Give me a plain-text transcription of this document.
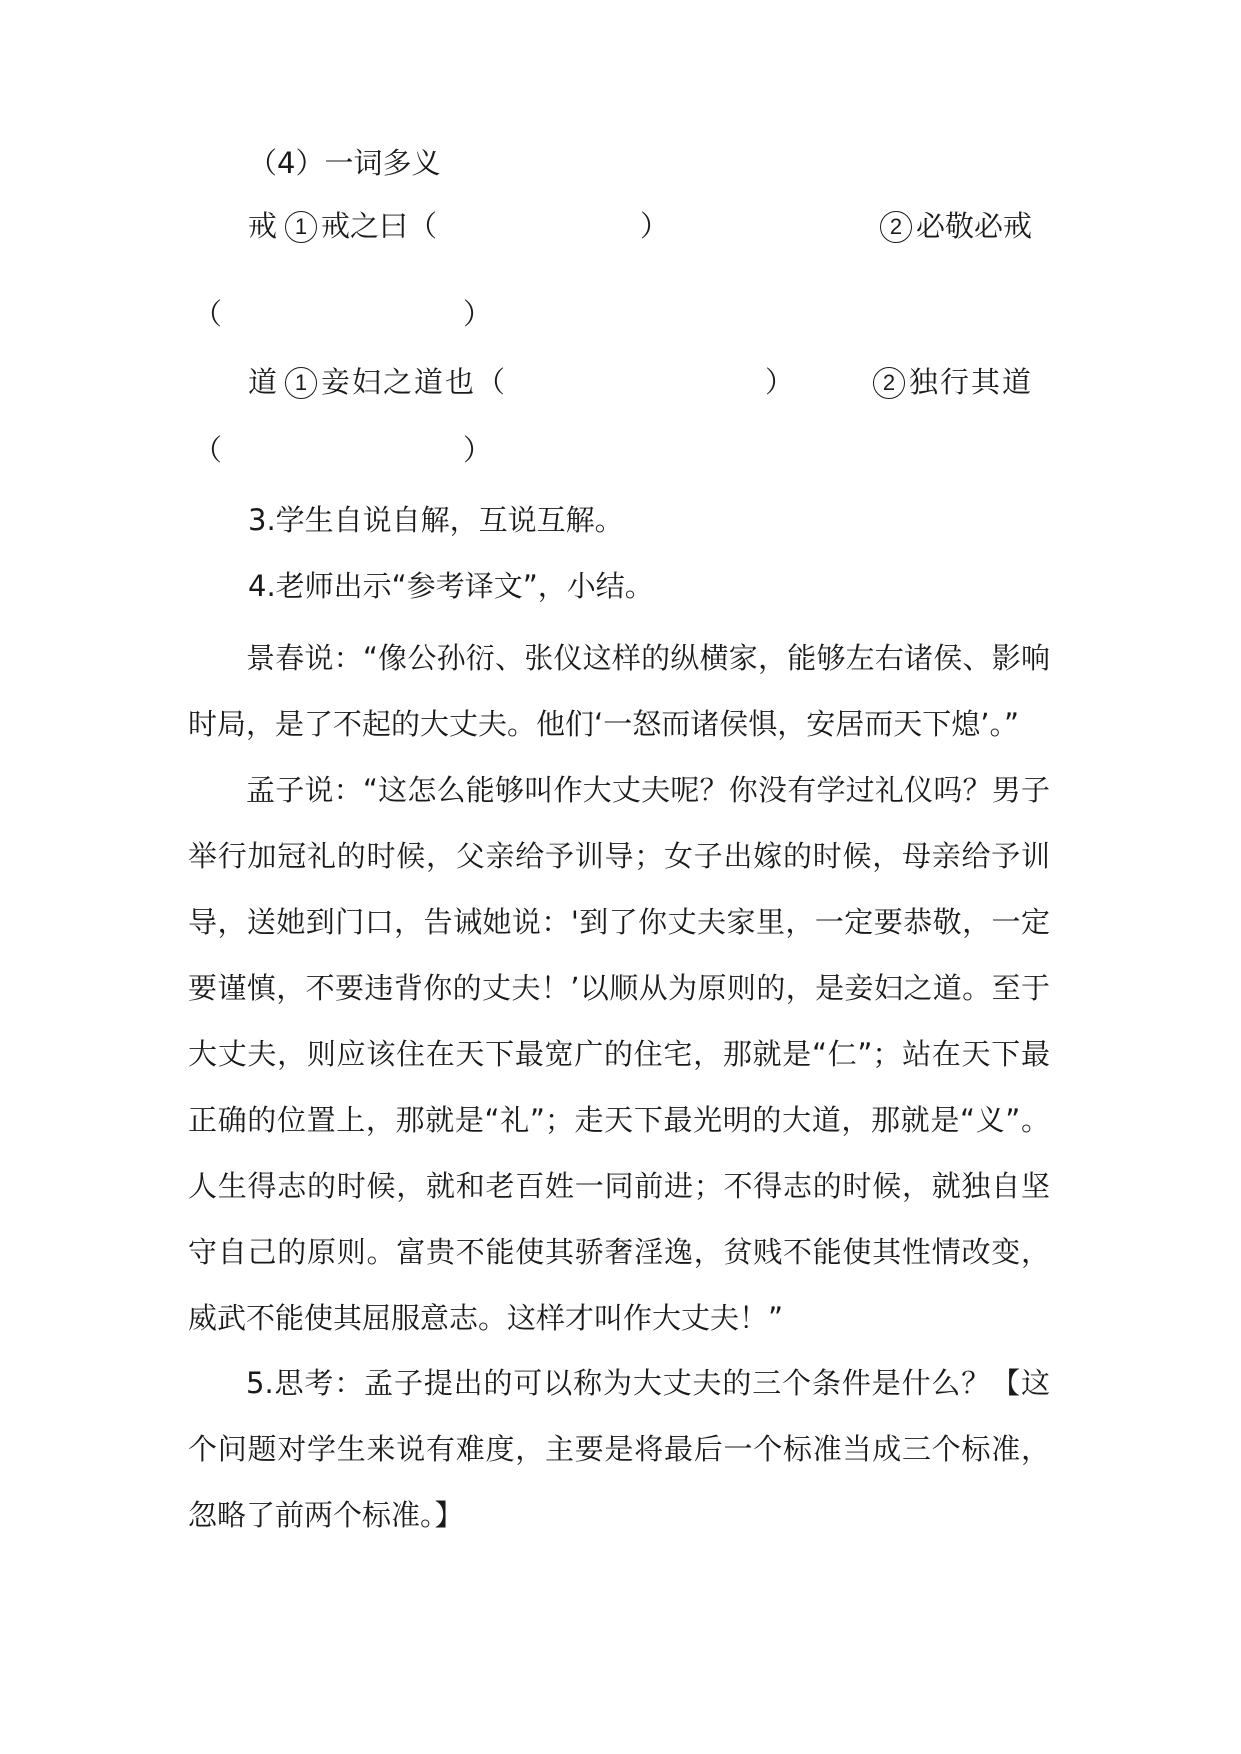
（4）一词多义
戒 1 戒之曰（	）	2 必敬必戒
（	）
道 1 妾妇之道也（	）	2 独行其道
（	）
3.学生自说自解，互说互解。
4.老师出示“参考译文”，小结。

景春说：“像公孙衍、张仪这样的纵横家，能够左右诸侯、影响时局，是了不起的大丈夫。他们‘一怒而诸侯惧，安居而天下熄’。”

孟子说：“这怎么能够叫作大丈夫呢？你没有学过礼仪吗？男子举行加冠礼的时候，父亲给予训导；女子出嫁的时候，母亲给予训导，送她到门口，告诫她说：'到了你丈夫家里，一定要恭敬，一定要谨慎，不要违背你的丈夫！’以顺从为原则的，是妾妇之道。至于大丈夫，则应该住在天下最宽广的住宅，那就是“仁”；站在天下最正确的位置上，那就是“礼”；走天下最光明的大道，那就是“义”。人生得志的时候，就和老百姓一同前进；不得志的时候，就独自坚守自己的原则。富贵不能使其骄奢淫逸，贫贱不能使其性情改变，威武不能使其屈服意志。这样才叫作大丈夫！”

5.思考：孟子提出的可以称为大丈夫的三个条件是什么？【这个问题对学生来说有难度，主要是将最后一个标准当成三个标准，忽略了前两个标准。】
